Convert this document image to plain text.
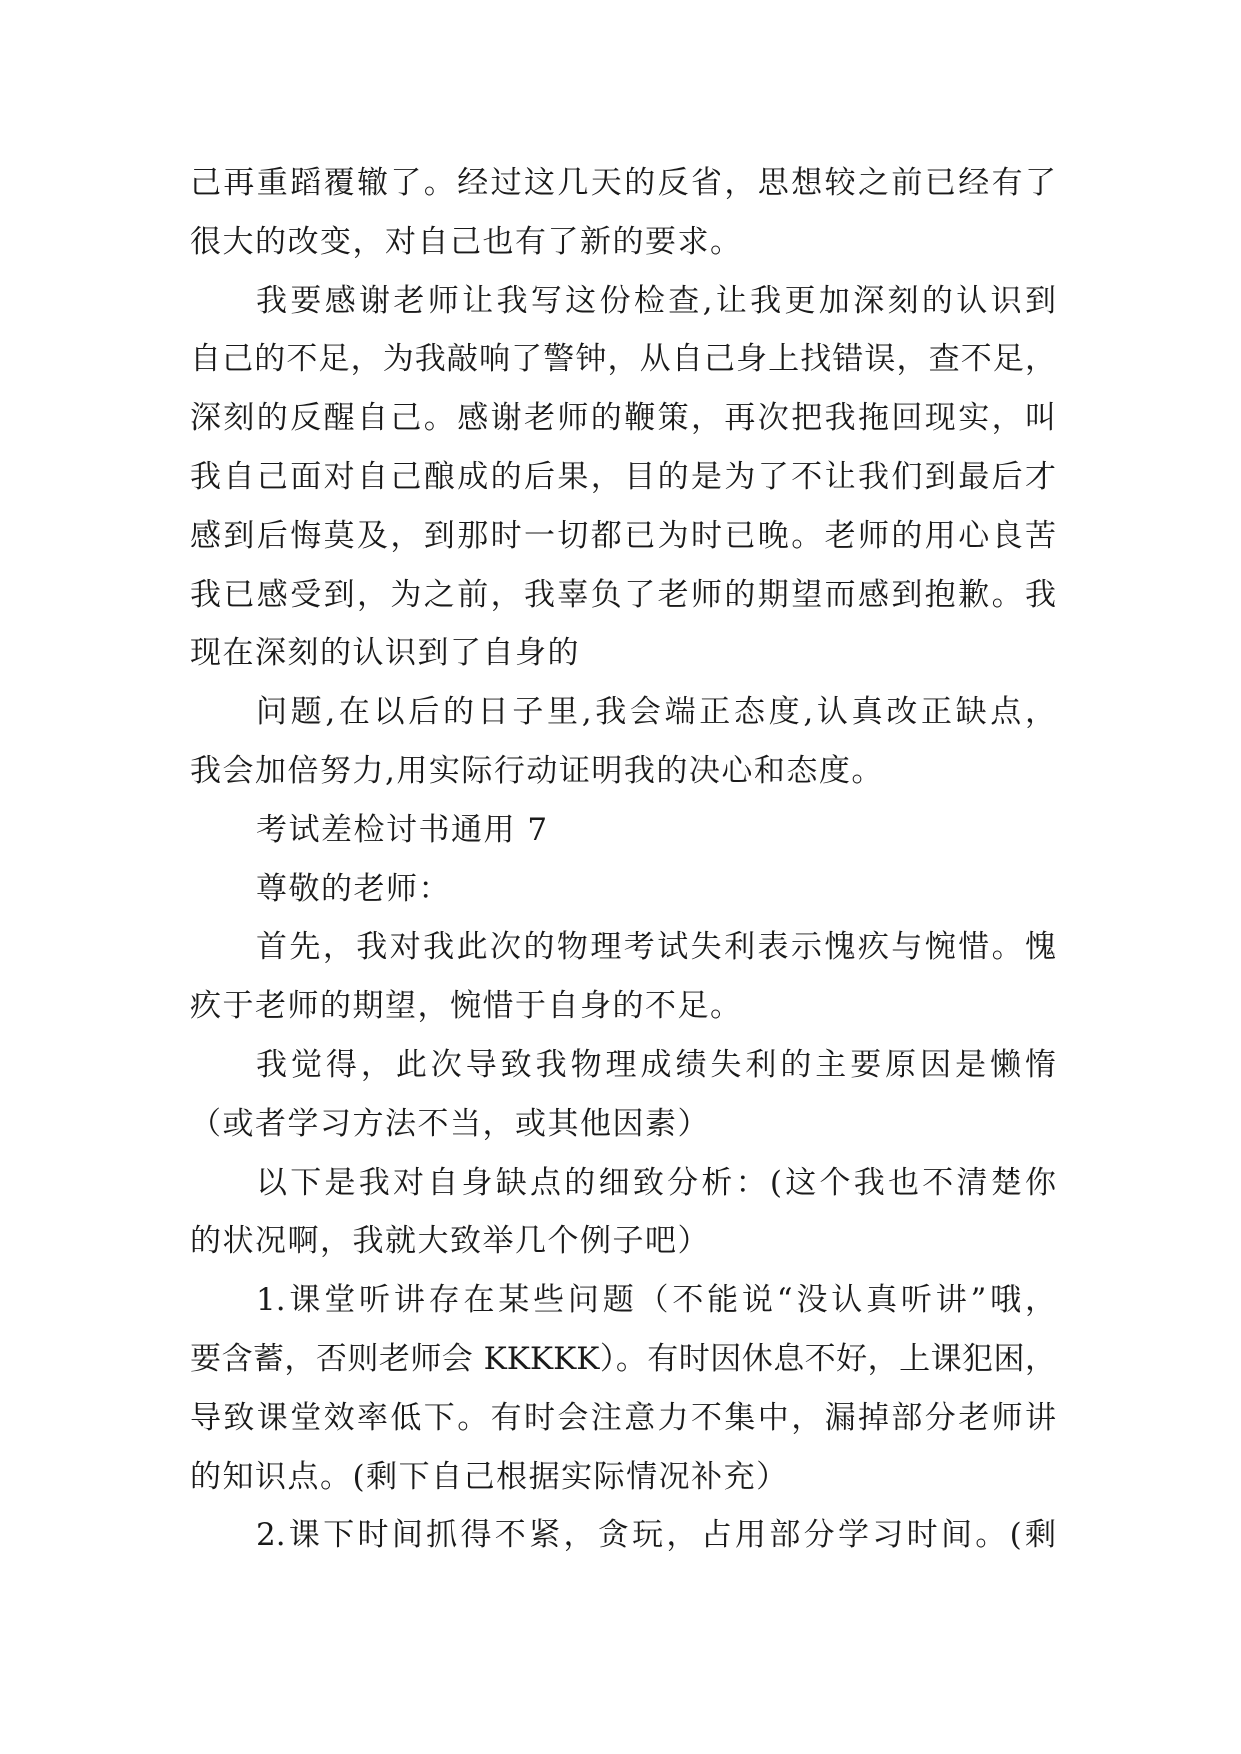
己再重蹈覆辙了。经过这几天的反省，思想较之前已经有了
很大的改变，对自己也有了新的要求。
我要感谢老师让我写这份检查,让我更加深刻的认识到
自己的不足，为我敲响了警钟，从自己身上找错误，查不足，
深刻的反醒自己。感谢老师的鞭策，再次把我拖回现实，叫
我自己面对自己酿成的后果，目的是为了不让我们到最后才
感到后悔莫及，到那时一切都已为时已晚。老师的用心良苦
我已感受到，为之前，我辜负了老师的期望而感到抱歉。我
现在深刻的认识到了自身的
问题,在以后的日子里,我会端正态度,认真改正缺点，
我会加倍努力,用实际行动证明我的决心和态度。
考试差检讨书通用 7
尊敬的老师：
首先，我对我此次的物理考试失利表示愧疚与惋惜。愧
疚于老师的期望，惋惜于自身的不足。
我觉得，此次导致我物理成绩失利的主要原因是懒惰
（或者学习方法不当，或其他因素）
以下是我对自身缺点的细致分析：(这个我也不清楚你
的状况啊，我就大致举几个例子吧）
1.课堂听讲存在某些问题（不能说“没认真听讲”哦，
要含蓄，否则老师会 KKKKK）。有时因休息不好，上课犯困，
导致课堂效率低下。有时会注意力不集中，漏掉部分老师讲
的知识点。(剩下自己根据实际情况补充）
2.课下时间抓得不紧，贪玩，占用部分学习时间。(剩
